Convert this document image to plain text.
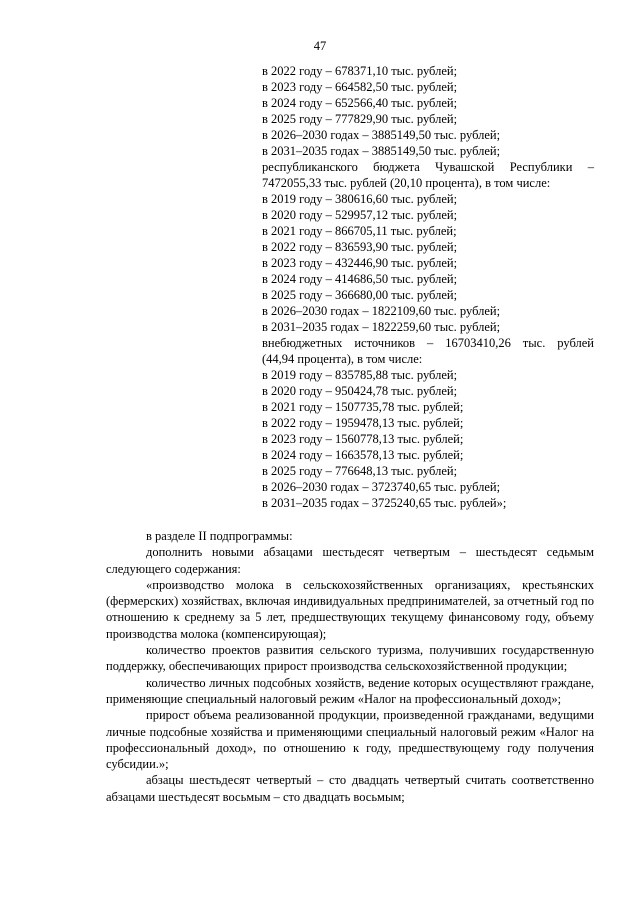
47
в 2022 году – 678371,10 тыс. рублей;
в 2023 году – 664582,50 тыс. рублей;
в 2024 году – 652566,40 тыс. рублей;
в 2025 году – 777829,90 тыс. рублей;
в 2026–2030 годах – 3885149,50 тыс. рублей;
в 2031–2035 годах – 3885149,50 тыс. рублей;
республиканского бюджета Чувашской Республики –
7472055,33 тыс. рублей (20,10 процента), в том числе:
в 2019 году – 380616,60 тыс. рублей;
в 2020 году – 529957,12 тыс. рублей;
в 2021 году – 866705,11 тыс. рублей;
в 2022 году – 836593,90 тыс. рублей;
в 2023 году – 432446,90 тыс. рублей;
в 2024 году – 414686,50 тыс. рублей;
в 2025 году – 366680,00 тыс. рублей;
в 2026–2030 годах – 1822109,60 тыс. рублей;
в 2031–2035 годах – 1822259,60 тыс. рублей;
внебюджетных источников – 16703410,26 тыс. рублей
(44,94 процента), в том числе:
в 2019 году – 835785,88 тыс. рублей;
в 2020 году – 950424,78 тыс. рублей;
в 2021 году – 1507735,78 тыс. рублей;
в 2022 году – 1959478,13 тыс. рублей;
в 2023 году – 1560778,13 тыс. рублей;
в 2024 году – 1663578,13 тыс. рублей;
в 2025 году – 776648,13 тыс. рублей;
в 2026–2030 годах – 3723740,65 тыс. рублей;
в 2031–2035 годах – 3725240,65 тыс. рублей»;

в разделе II подпрограммы:

дополнить новыми абзацами шестьдесят четвертым – шестьдесят седьмым следующего содержания:

«производство молока в сельскохозяйственных организациях, крестьянских (фермерских) хозяйствах, включая индивидуальных предпринимателей, за отчетный год по отношению к среднему за 5 лет, предшествующих текущему финансовому году, объему производства молока (компенсирующая);

количество проектов развития сельского туризма, получивших государственную поддержку, обеспечивающих прирост производства сельскохозяйственной продукции;

количество личных подсобных хозяйств, ведение которых осуществляют граждане, применяющие специальный налоговый режим «Налог на профессиональный доход»;

прирост объема реализованной продукции, произведенной гражданами, ведущими личные подсобные хозяйства и применяющими специальный налоговый режим «Налог на профессиональный доход», по отношению к году, предшествующему году получения субсидии.»;

абзацы шестьдесят четвертый – сто двадцать четвертый считать соответственно абзацами шестьдесят восьмым – сто двадцать восьмым;
